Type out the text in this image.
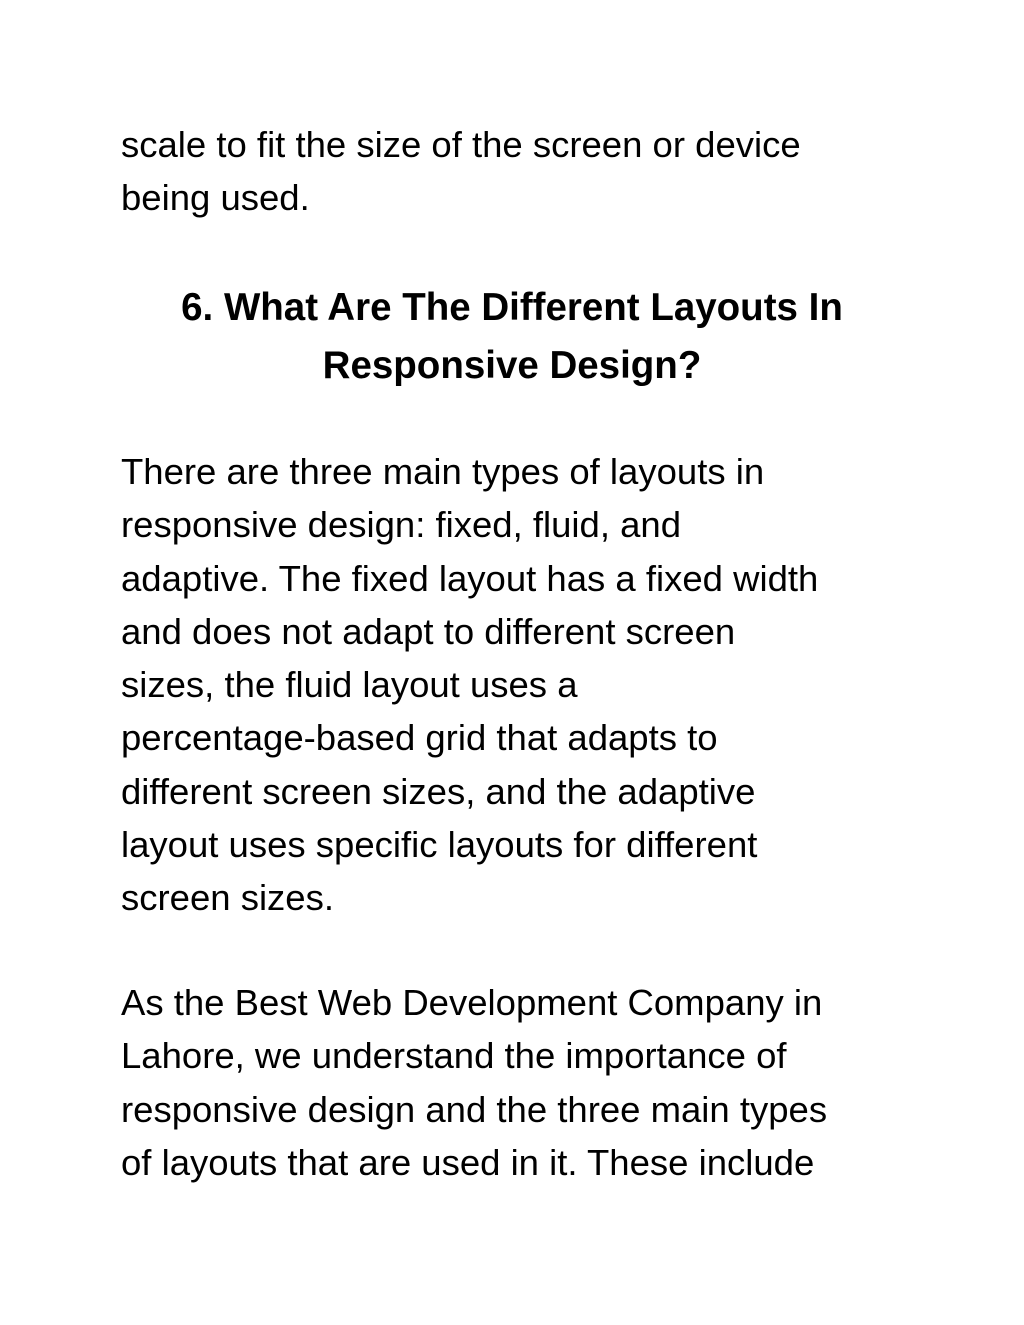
scale to fit the size of the screen or device
being used.

6. What Are The Different Layouts In
Responsive Design?

There are three main types of layouts in
responsive design: fixed, fluid, and
adaptive. The fixed layout has a fixed width
and does not adapt to different screen
sizes, the fluid layout uses a
percentage-based grid that adapts to
different screen sizes, and the adaptive
layout uses specific layouts for different
screen sizes.

As the Best Web Development Company in
Lahore, we understand the importance of
responsive design and the three main types
of layouts that are used in it. These include
